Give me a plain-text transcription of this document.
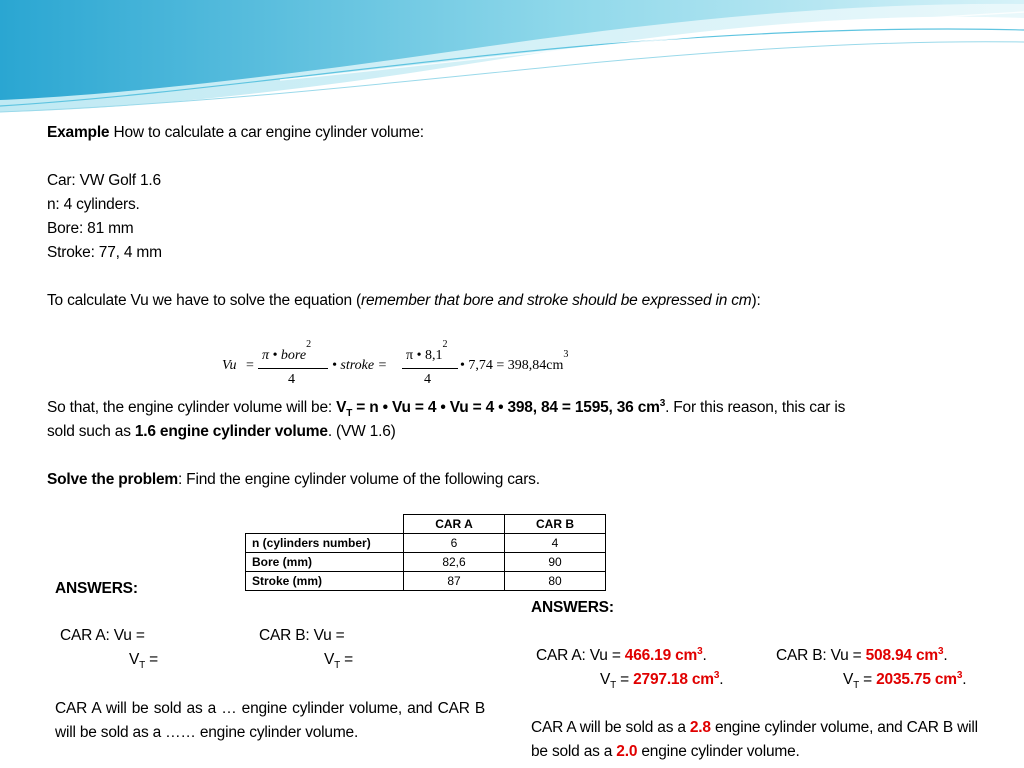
Example How to calculate a car engine cylinder volume:
Car: VW Golf 1.6
n: 4 cylinders.
Bore: 81 mm
Stroke: 77, 4 mm
To calculate Vu we have to solve the equation (remember that bore and stroke should be expressed in cm):
Vu =
π • bore$^2$
4
• stroke =
π • $8,1^2$
4
• $7,74 = 398,84cm^3$
So that, the engine cylinder volume will be: $V_T = n$ • Vu = 4 • Vu = 4 • 398, 84 = 1595, 36 $cm^3$. For this reason, this car is
sold such as 1.6 engine cylinder volume. (VW 1.6)
Solve the problem: Find the engine cylinder volume of the following cars.
	CAR A	CAR B
n (cylinders number)	6	4
Bore (mm)	82,6	90
Stroke (mm)	87	80
ANSWERS:
CAR A: Vu =	CAR B: Vu =
$V_T$ =	$V_T$ =
CAR A will be sold as a … engine cylinder volume, and CAR B will be sold as a …… engine cylinder volume.
ANSWERS:
CAR A: Vu = 466.19 $cm^3$.	CAR B: Vu = 508.94 $cm^3$.
$V_T = 2797.18$ $cm^3$.	$V_T = 2035.75$ $cm^3$.
CAR A will be sold as a 2.8 engine cylinder volume, and CAR B will be sold as a 2.0 engine cylinder volume.
